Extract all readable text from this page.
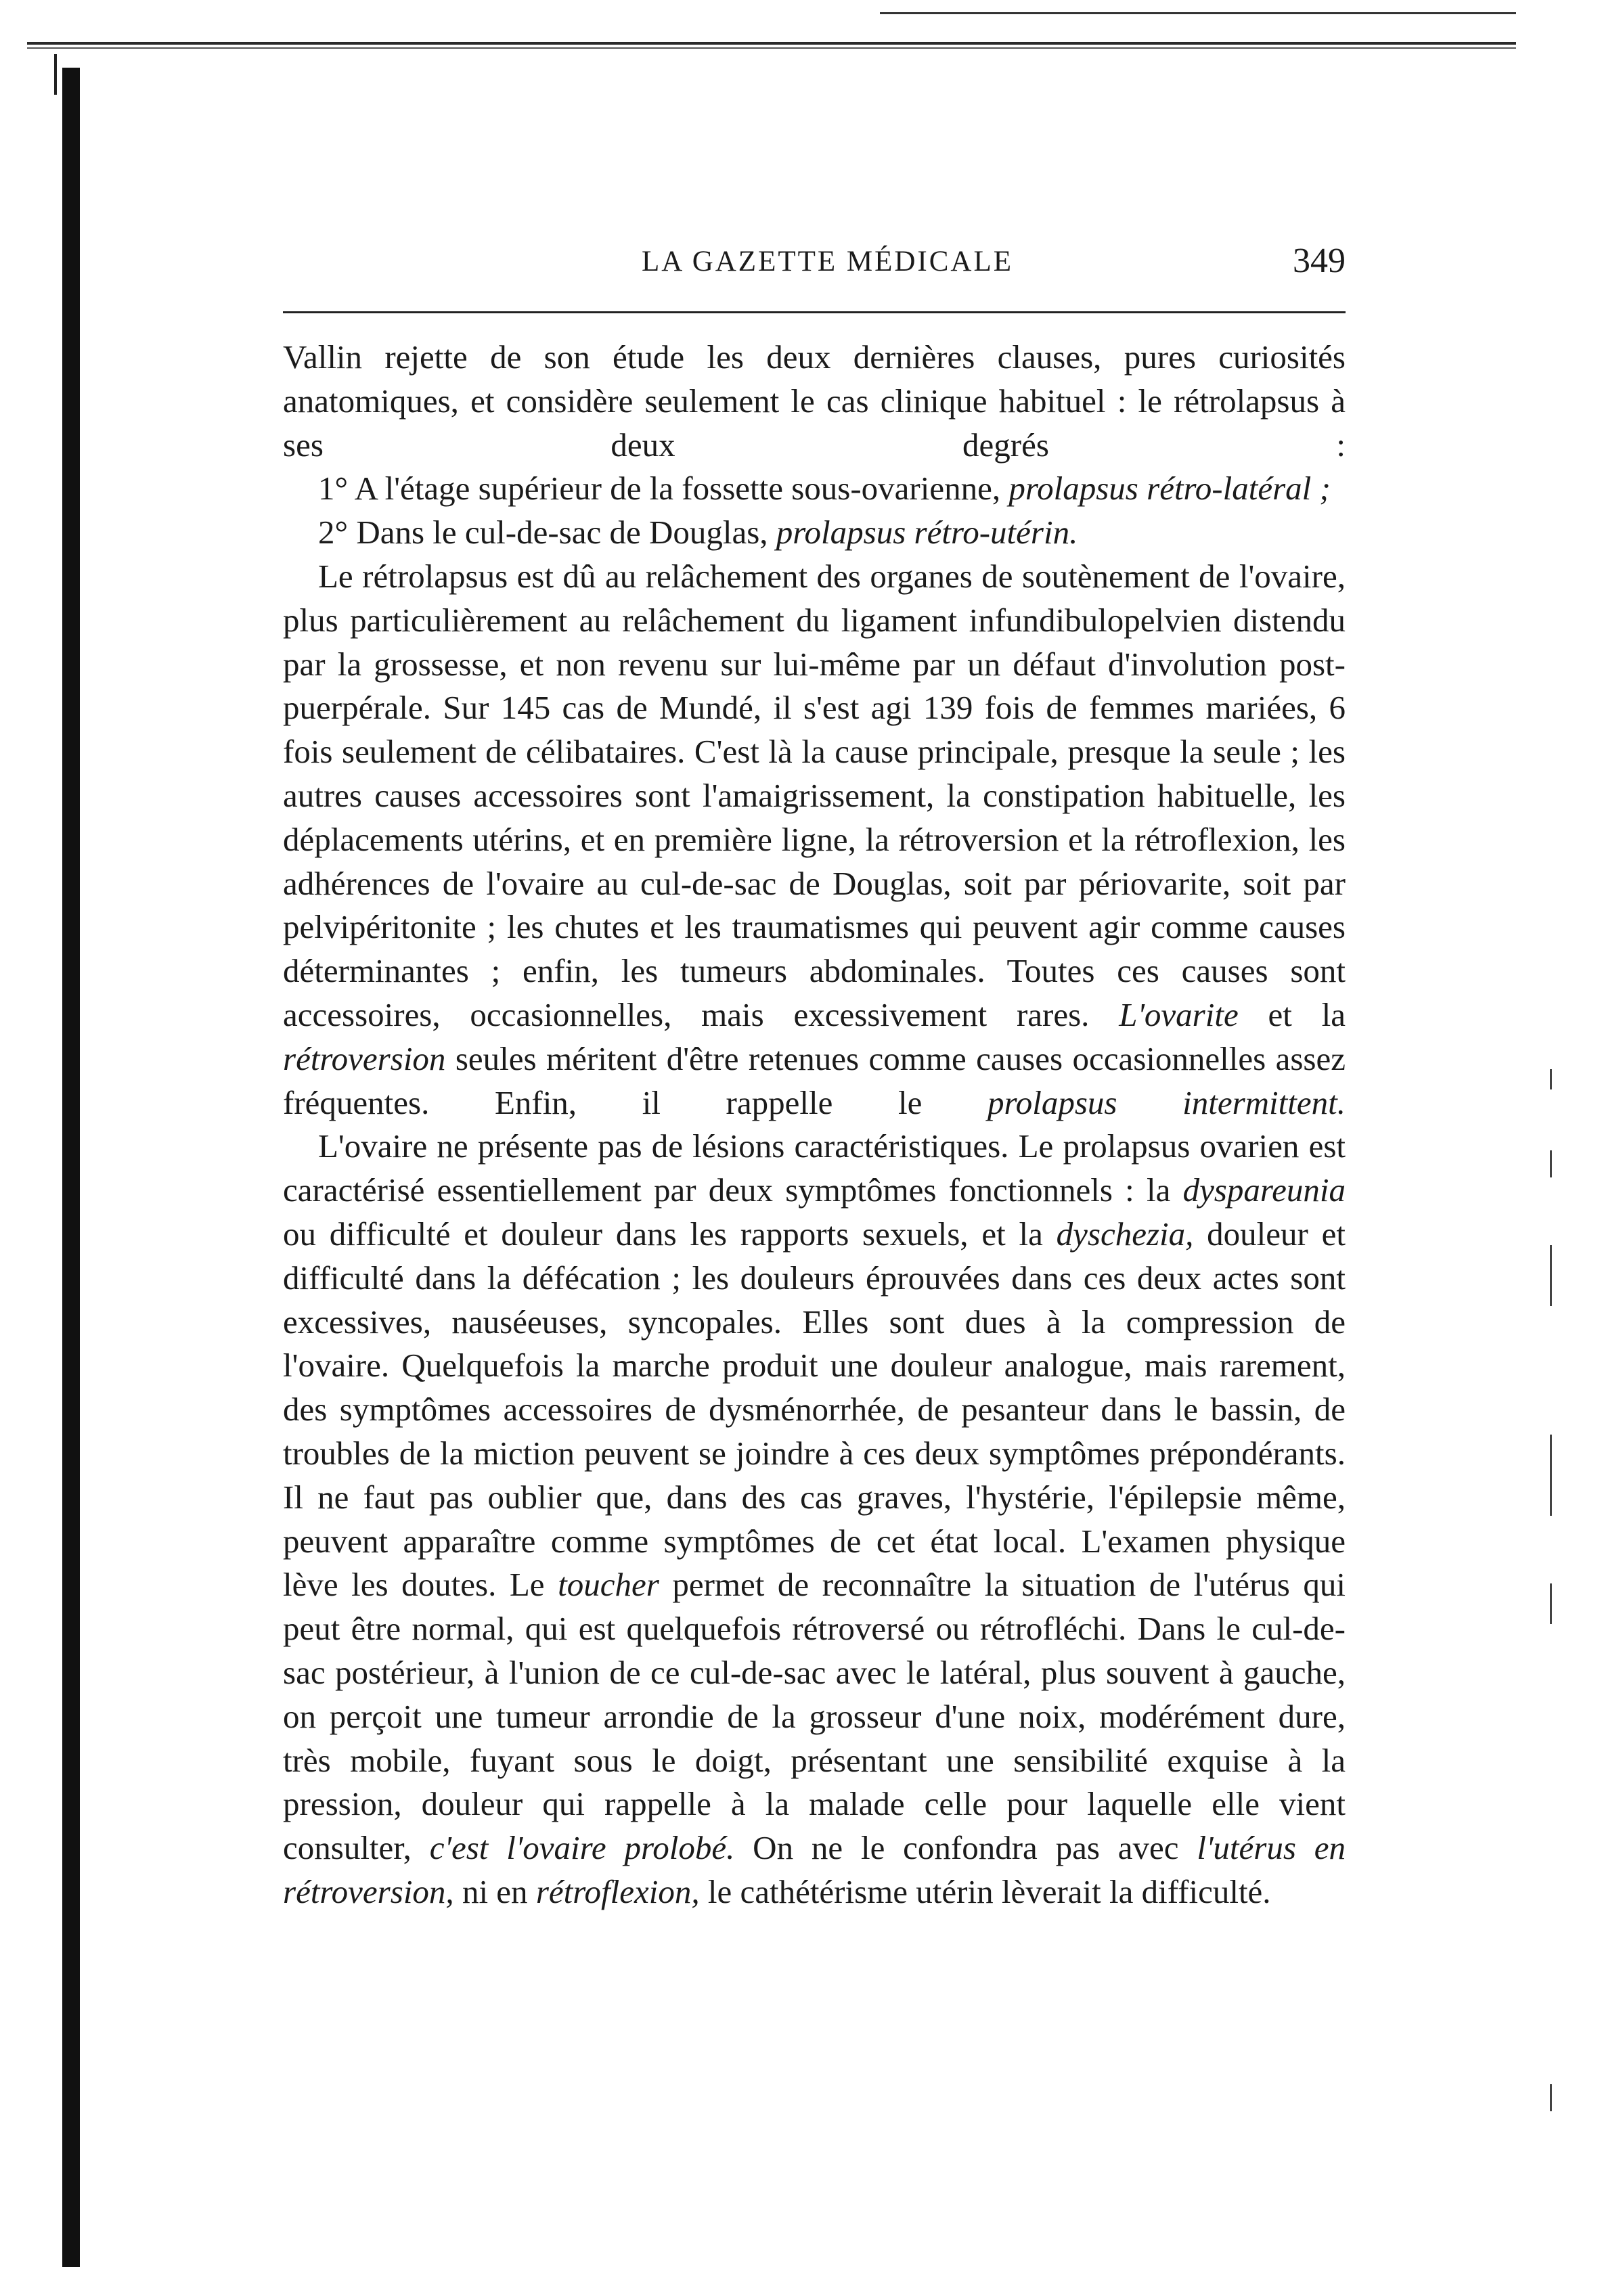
LA GAZETTE MÉDICALE	349

Vallin rejette de son étude les deux dernières clauses, pures curiosités anatomiques, et considère seulement le cas clinique habituel : le rétrolapsus à ses deux degrés :

1° A l'étage supérieur de la fossette sous-ovarienne, prolapsus rétro-latéral ;

2° Dans le cul-de-sac de Douglas, prolapsus rétro-utérin.

Le rétrolapsus est dû au relâchement des organes de soutènement de l'ovaire, plus particulièrement au relâchement du ligament infundibulopelvien distendu par la grossesse, et non revenu sur lui-même par un défaut d'involution post-puerpérale. Sur 145 cas de Mundé, il s'est agi 139 fois de femmes mariées, 6 fois seulement de célibataires. C'est là la cause principale, presque la seule ; les autres causes accessoires sont l'amaigrissement, la constipation habituelle, les déplacements utérins, et en première ligne, la rétroversion et la rétroflexion, les adhérences de l'ovaire au cul-de-sac de Douglas, soit par périovarite, soit par pelvipéritonite ; les chutes et les traumatismes qui peuvent agir comme causes déterminantes ; enfin, les tumeurs abdominales. Toutes ces causes sont accessoires, occasionnelles, mais excessivement rares. L'ovarite et la rétroversion seules méritent d'être retenues comme causes occasionnelles assez fréquentes. Enfin, il rappelle le prolapsus intermittent.

L'ovaire ne présente pas de lésions caractéristiques. Le prolapsus ovarien est caractérisé essentiellement par deux symptômes fonctionnels : la dyspareunia ou difficulté et douleur dans les rapports sexuels, et la dyschezia, douleur et difficulté dans la défécation ; les douleurs éprouvées dans ces deux actes sont excessives, nauséeuses, syncopales. Elles sont dues à la compression de l'ovaire. Quelquefois la marche produit une douleur analogue, mais rarement, des symptômes accessoires de dysménorrhée, de pesanteur dans le bassin, de troubles de la miction peuvent se joindre à ces deux symptômes prépondérants. Il ne faut pas oublier que, dans des cas graves, l'hystérie, l'épilepsie même, peuvent apparaître comme symptômes de cet état local. L'examen physique lève les doutes. Le toucher permet de reconnaître la situation de l'utérus qui peut être normal, qui est quelquefois rétroversé ou rétrofléchi. Dans le cul-de-sac postérieur, à l'union de ce cul-de-sac avec le latéral, plus souvent à gauche, on perçoit une tumeur arrondie de la grosseur d'une noix, modérément dure, très mobile, fuyant sous le doigt, présentant une sensibilité exquise à la pression, douleur qui rappelle à la malade celle pour laquelle elle vient consulter, c'est l'ovaire prolobé. On ne le confondra pas avec l'utérus en rétroversion, ni en rétroflexion, le cathétérisme utérin lèverait la difficulté.
